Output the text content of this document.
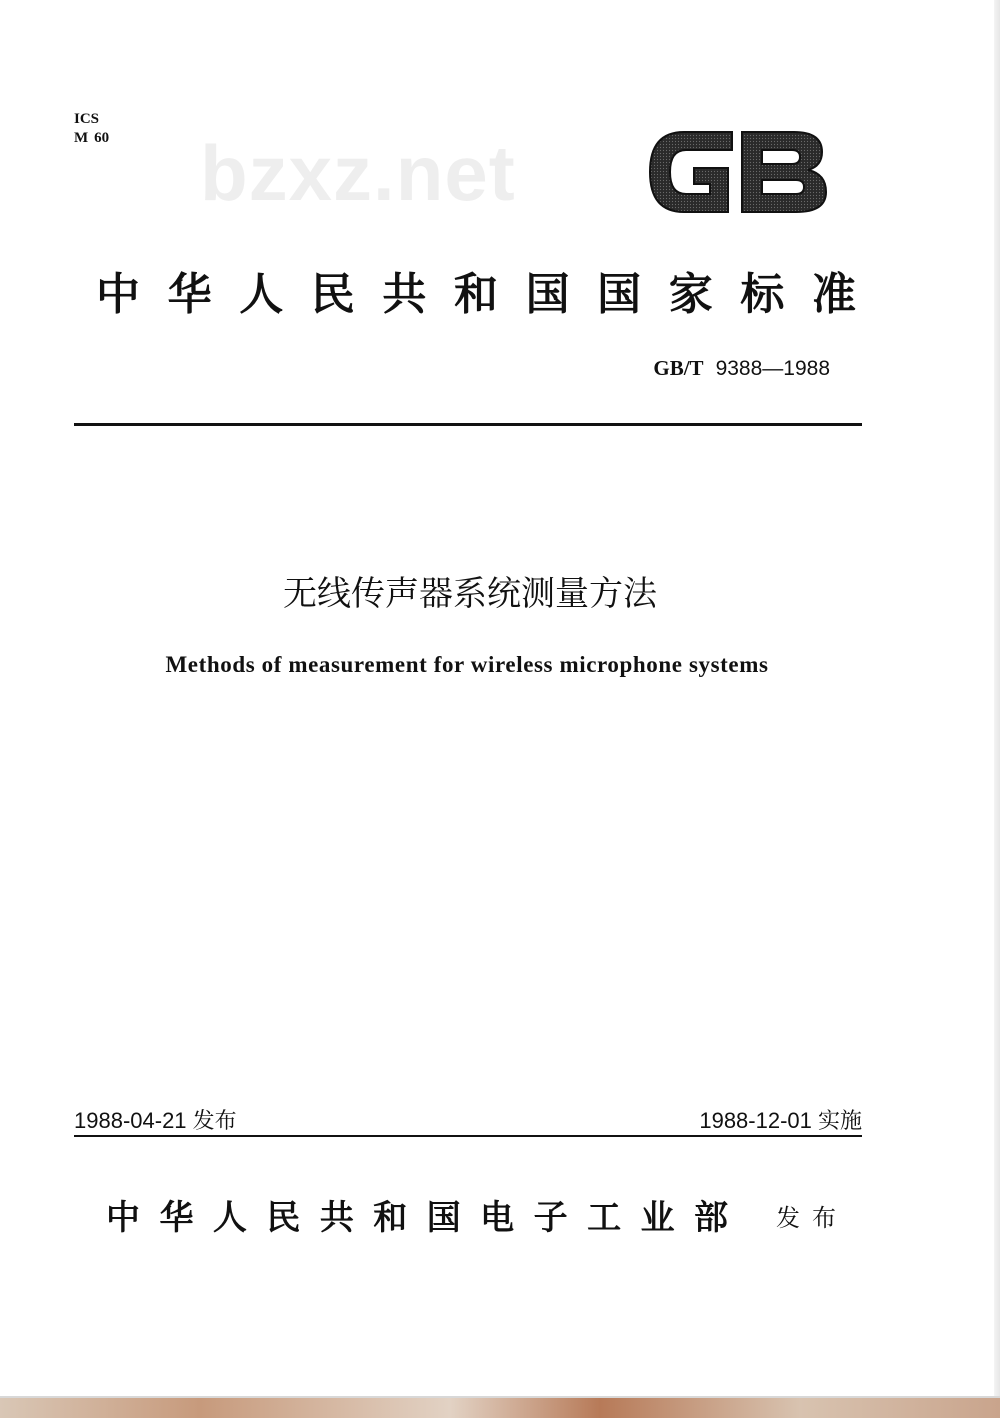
ICS
M 60 bzxz.net
中 华 人 民 共 和 国 国 家 标 准
GB/T 9388—1988
无线传声器系统测量方法
Methods of measurement for wireless microphone systems
1988-04-21 发布	1988-12-01 实施
中 华 人 民 共 和 国 电 子 工 业 部 发布
